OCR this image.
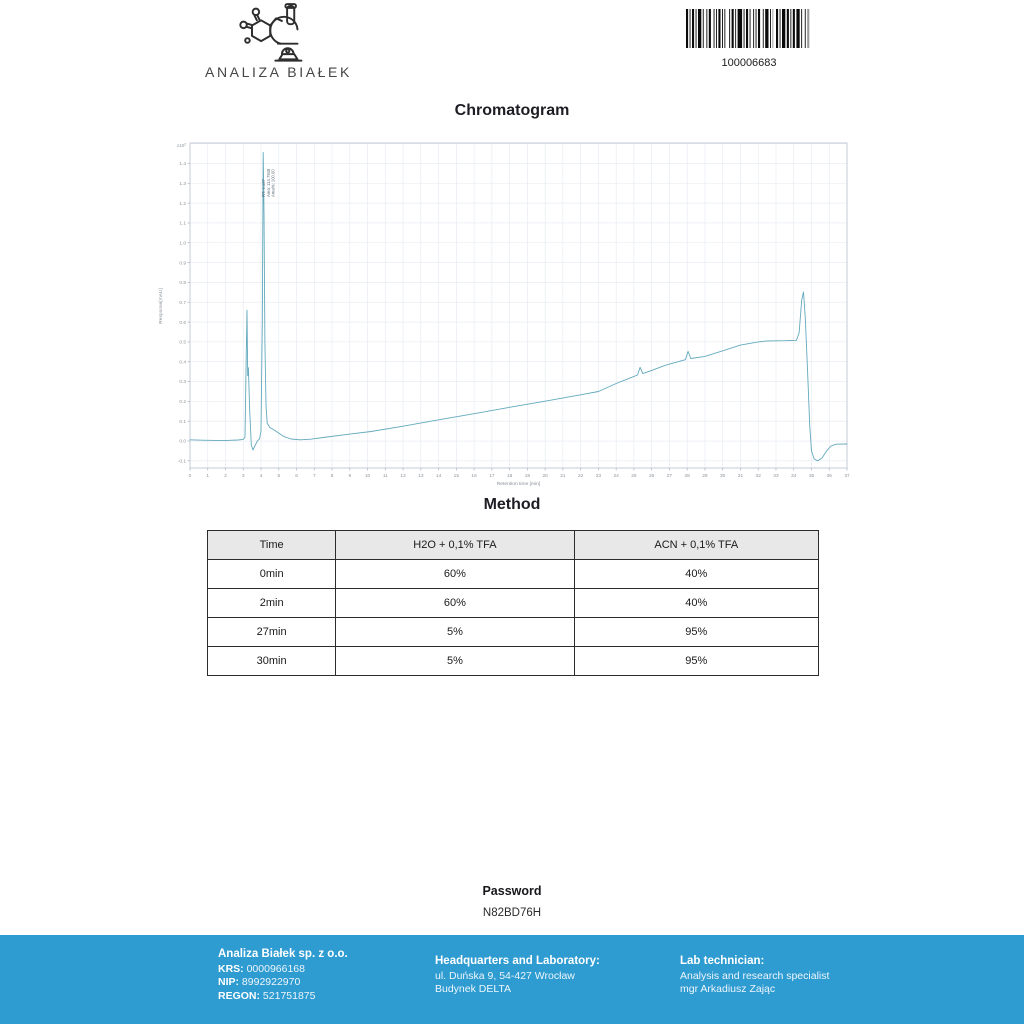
ANALIZA BIAŁEK
100006683
Chromatogram
0	1	2	3	4	5	6	7	8	9	10	11	12	13	14	15	16	17	18	19	20	21	22	23	24	25	26	27	28	29	30	31	32	33	34	35	36	37
-0.1
0.0
0.1
0.2
0.3
0.4
0.5
0.6
0.7
0.8
0.9
1.0
1.1
1.2
1.3
1.4
$x10^2$
Retention time [min]
Response[mAU]
RT: 4.137 Area: 114.7948 Area%: 100.00
Method
Time	H2O + 0,1% TFA	ACN + 0,1% TFA
0min	60%	40%
2min	60%	40%
27min	5%	95%
30min	5%	95%
Password
N82BD76H
Analiza Białek sp. z o.o.
KRS: 0000966168
NIP: 8992922970
REGON: 521751875
Headquarters and Laboratory:
ul. Duńska 9, 54-427 Wrocław
Budynek DELTA
Lab technician:
Analysis and research specialist
mgr Arkadiusz Zając
